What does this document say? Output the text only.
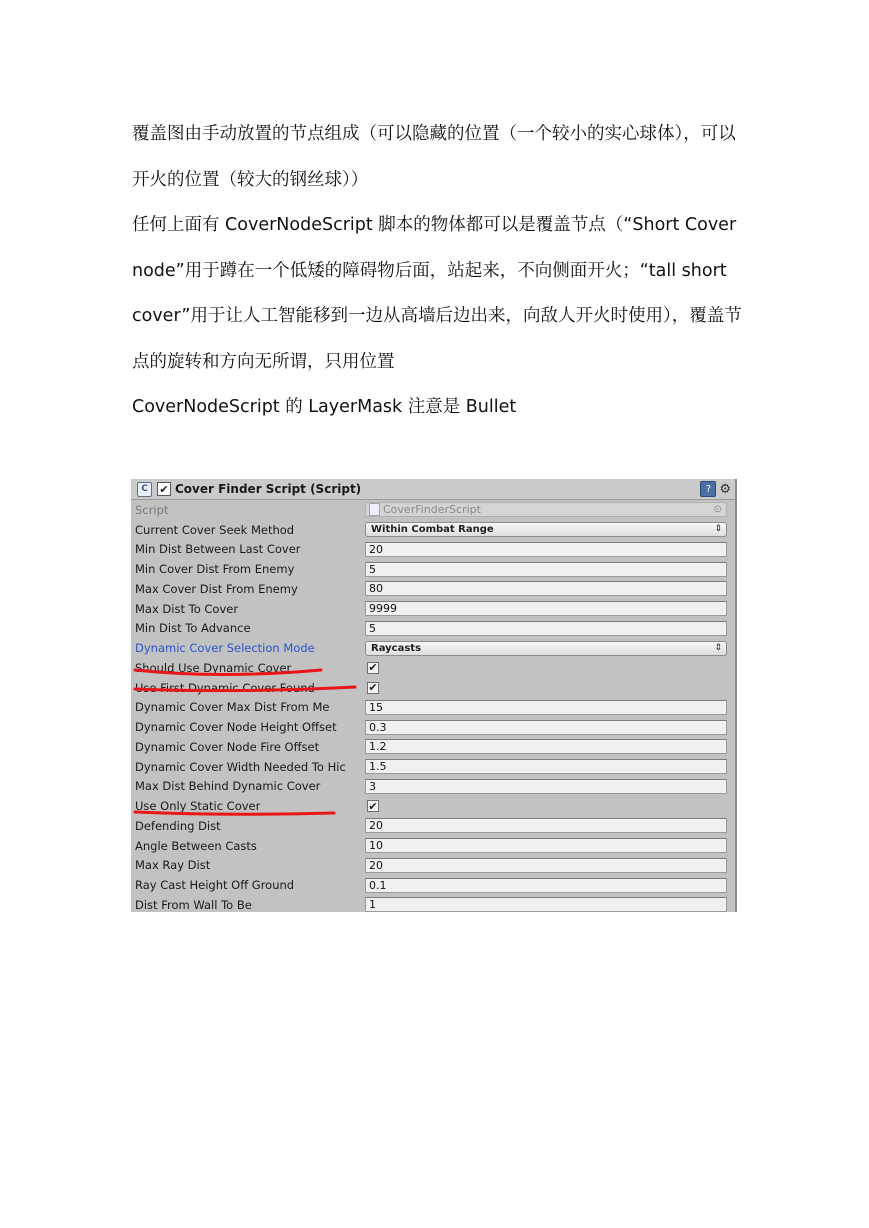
覆盖图由手动放置的节点组成（可以隐藏的位置（一个较小的实心球体），可以开火的位置（较大的钢丝球））

任何上面有 CoverNodeScript 脚本的物体都可以是覆盖节点（“Short Cover node”用于蹲在一个低矮的障碍物后面，站起来，不向侧面开火；“tall short cover”用于让人工智能移到一边从高墙后边出来，向敌人开火时使用），覆盖节点的旋转和方向无所谓，只用位置

CoverNodeScript 的 LayerMask 注意是 Bullet

C	✔ Cover Finder Script (Script)	? ⚙
Script	CoverFinderScript	⊙
Current Cover Seek Method	Within Combat Range	⇕
Min Dist Between Last Cover	20
Min Cover Dist From Enemy	5
Max Cover Dist From Enemy	80
Max Dist To Cover	9999
Min Dist To Advance	5
Dynamic Cover Selection Mode	Raycasts	⇕
Should Use Dynamic Cover	✔
Use First Dynamic Cover Found	✔
Dynamic Cover Max Dist From Me	15
Dynamic Cover Node Height Offset	0.3
Dynamic Cover Node Fire Offset	1.2
Dynamic Cover Width Needed To Hic	1.5
Max Dist Behind Dynamic Cover	3
Use Only Static Cover	✔
Defending Dist	20
Angle Between Casts	10
Max Ray Dist	20
Ray Cast Height Off Ground	0.1
Dist From Wall To Be	1
